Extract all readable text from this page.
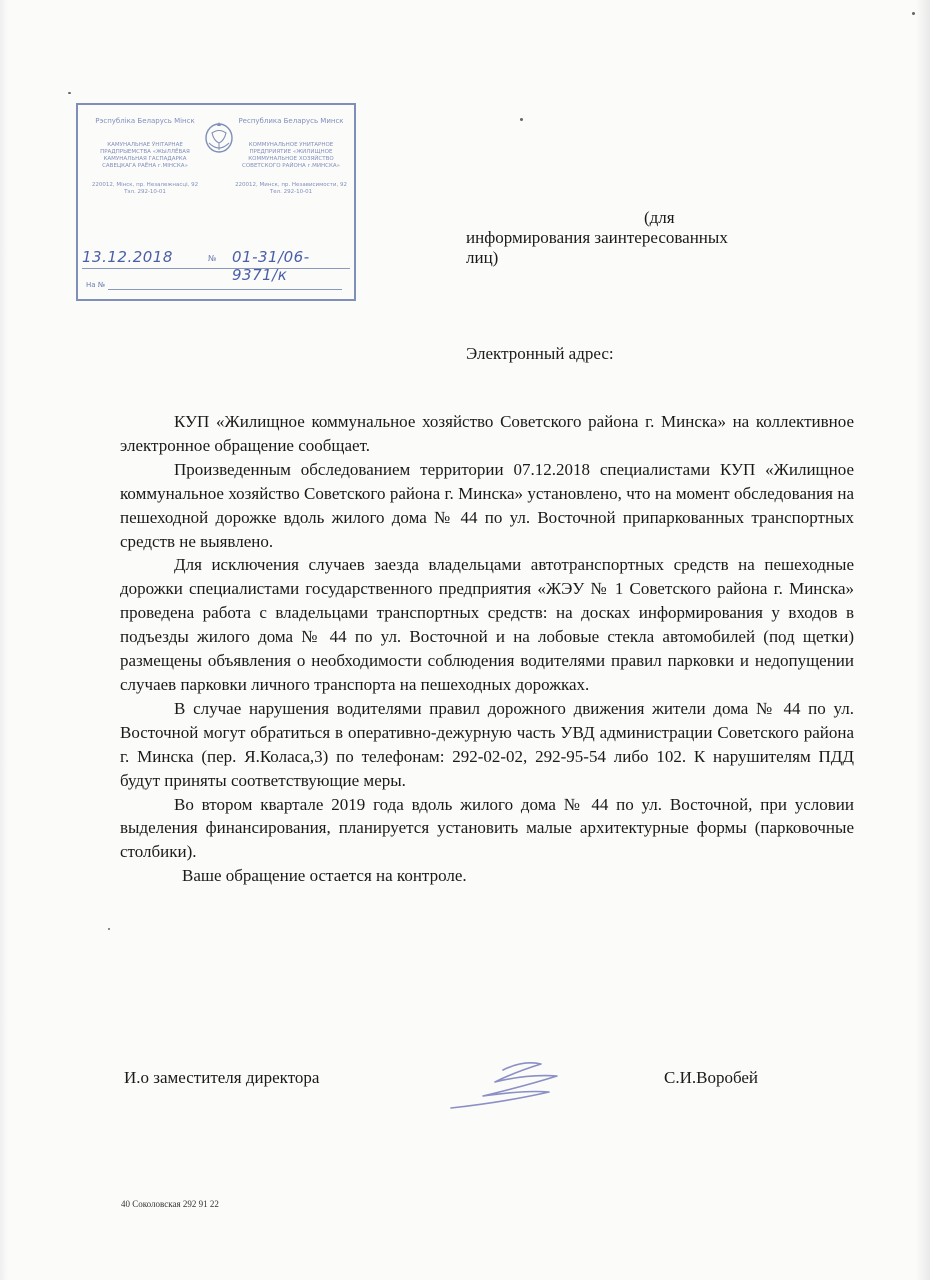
Рэспубліка Беларусь Мінск
КАМУНАЛЬНАЕ ЎНІТАРНАЕ ПРАДПРЫЕМСТВА «ЖЫЛЛЁВАЯ КАМУНАЛЬНАЯ ГАСПАДАРКА САВЕЦКАГА РАЁНА г.МІНСКА»
220012, Мінск, пр. Незалежнасці, 92 Тэл. 292-10-01
Республика Беларусь Минск
КОММУНАЛЬНОЕ УНИТАРНОЕ ПРЕДПРИЯТИЕ «ЖИЛИЩНОЕ КОММУНАЛЬНОЕ ХОЗЯЙСТВО СОВЕТСКОГО РАЙОНА г.МИНСКА»
220012, Минск, пр. Независимости, 92 Тел. 292-10-01
13.12.2018	№ 01-31/06-9371/к
На №
(для
информирования заинтересованных
лиц)
Электронный адрес:

КУП «Жилищное коммунальное хозяйство Советского района г. Минска» на коллективное электронное обращение сообщает.

Произведенным обследованием территории 07.12.2018 специалистами КУП «Жилищное коммунальное хозяйство Советского района г. Минска» установлено, что на момент обследования на пешеходной дорожке вдоль жилого дома № 44 по ул. Восточной припаркованных транспортных средств не выявлено.

Для исключения случаев заезда владельцами автотранспортных средств на пешеходные дорожки специалистами государственного предприятия «ЖЭУ № 1 Советского района г. Минска» проведена работа с владельцами транспортных средств: на досках информирования у входов в подъезды жилого дома № 44 по ул. Восточной и на лобовые стекла автомобилей (под щетки) размещены объявления о необходимости соблюдения водителями правил парковки и недопущении случаев парковки личного транспорта на пешеходных дорожках.

В случае нарушения водителями правил дорожного движения жители дома № 44 по ул. Восточной могут обратиться в оперативно-дежурную часть УВД администрации Советского района г. Минска (пер. Я.Коласа,3) по телефонам: 292-02-02, 292-95-54 либо 102. К нарушителям ПДД будут приняты соответствующие меры.

Во втором квартале 2019 года вдоль жилого дома № 44 по ул. Восточной, при условии выделения финансирования, планируется установить малые архитектурные формы (парковочные столбики).

Ваше обращение остается на контроле.

И.о заместителя директора	С.И.Воробей
40 Соколовская 292 91 22
